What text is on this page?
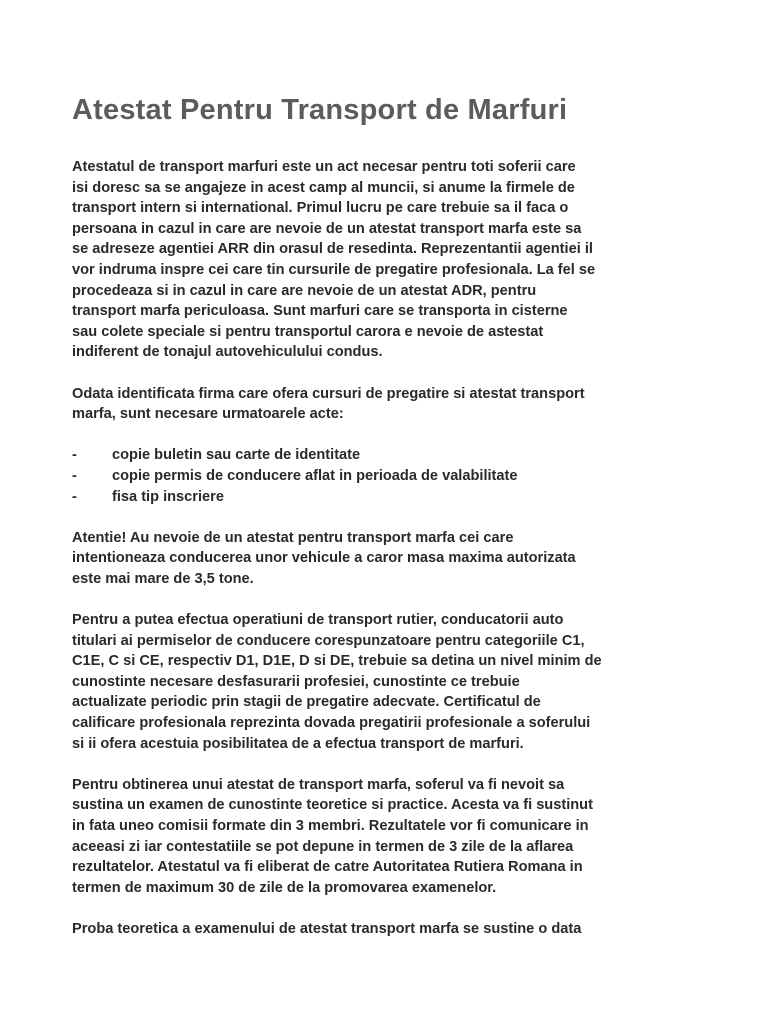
Atestat Pentru Transport de Marfuri
Atestatul de transport marfuri este un act necesar pentru toti soferii care
isi doresc sa se angajeze in acest camp al muncii, si anume la firmele de
transport intern si international. Primul lucru pe care trebuie sa il faca o
persoana in cazul in care are nevoie de un atestat transport marfa este sa
se adreseze agentiei ARR din orasul de resedinta. Reprezentantii agentiei il
vor indruma inspre cei care tin cursurile de pregatire profesionala. La fel se
procedeaza si in cazul in care are nevoie de un atestat ADR, pentru
transport marfa periculoasa. Sunt marfuri care se transporta in cisterne
sau colete speciale si pentru transportul carora e nevoie de astestat
indiferent de tonajul autovehiculului condus.
Odata identificata firma care ofera cursuri de pregatire si atestat transport
marfa, sunt necesare urmatoarele acte:
- copie buletin sau carte de identitate
- copie permis de conducere aflat in perioada de valabilitate
- fisa tip inscriere
Atentie! Au nevoie de un atestat pentru transport marfa cei care
intentioneaza conducerea unor vehicule a caror masa maxima autorizata
este mai mare de 3,5 tone.
Pentru a putea efectua operatiuni de transport rutier, conducatorii auto
titulari ai permiselor de conducere corespunzatoare pentru categoriile C1,
C1E, C si CE, respectiv D1, D1E, D si DE, trebuie sa detina un nivel minim de
cunostinte necesare desfasurarii profesiei, cunostinte ce trebuie
actualizate periodic prin stagii de pregatire adecvate. Certificatul de
calificare profesionala reprezinta dovada pregatirii profesionale a soferului
si ii ofera acestuia posibilitatea de a efectua transport de marfuri.
Pentru obtinerea unui atestat de transport marfa, soferul va fi nevoit sa
sustina un examen de cunostinte teoretice si practice. Acesta va fi sustinut
in fata uneo comisii formate din 3 membri. Rezultatele vor fi comunicare in
aceeasi zi iar contestatiile se pot depune in termen de 3 zile de la aflarea
rezultatelor. Atestatul va fi eliberat de catre Autoritatea Rutiera Romana in
termen de maximum 30 de zile de la promovarea examenelor.
Proba teoretica a examenului de atestat transport marfa se sustine o data
